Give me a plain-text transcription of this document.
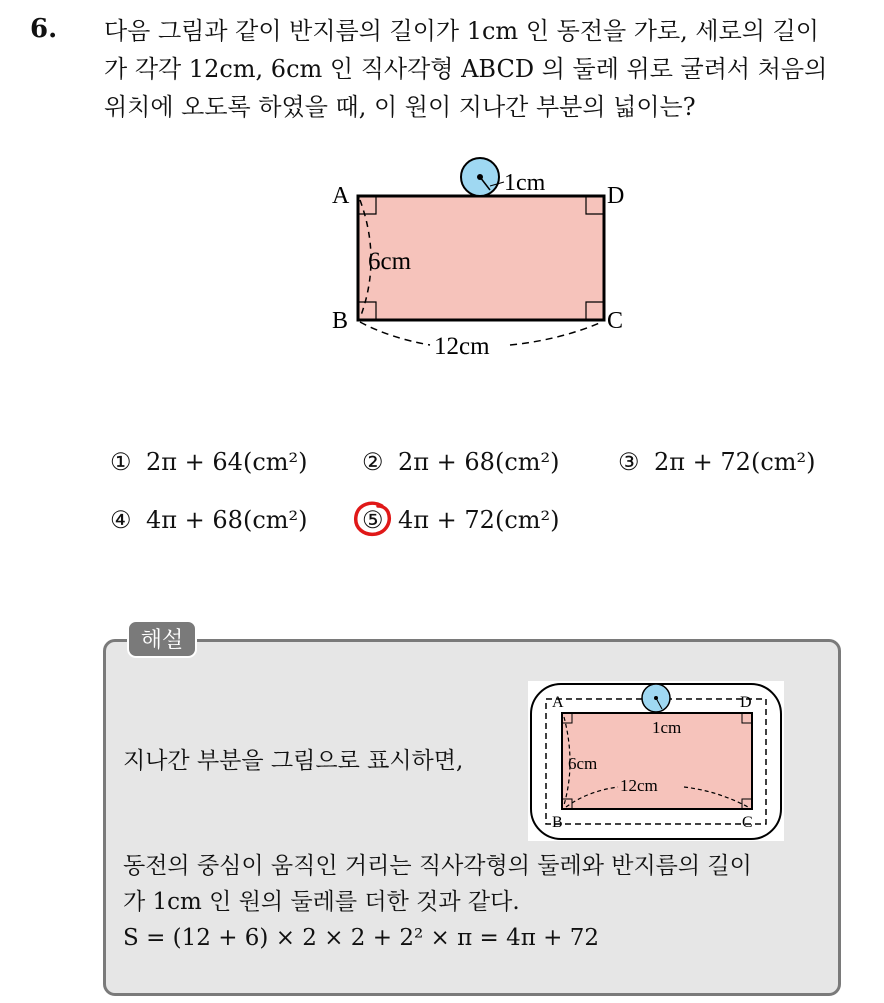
6. 다음 그림과 같이 반지름의 길이가 1cm 인 동전을 가로, 세로의 길이
가 각각 12cm, 6cm 인 직사각형 ABCD 의 둘레 위로 굴려서 처음의
위치에 오도록 하였을 때, 이 원이 지나간 부분의 넓이는?
A	D
B	C
1cm
6cm
12cm
① 2π + 64(cm²) ② 2π + 68(cm²) ③ 2π + 72(cm²)
④ 4π + 68(cm²) ⑤ 4π + 72(cm²)
해설
지나간 부분을 그림으로 표시하면,
A	D
B	C
1cm
6cm
12cm
동전의 중심이 움직인 거리는 직사각형의 둘레와 반지름의 길이
가 1cm 인 원의 둘레를 더한 것과 같다.
S = (12 + 6) × 2 × 2 + 2² × π = 4π + 72
